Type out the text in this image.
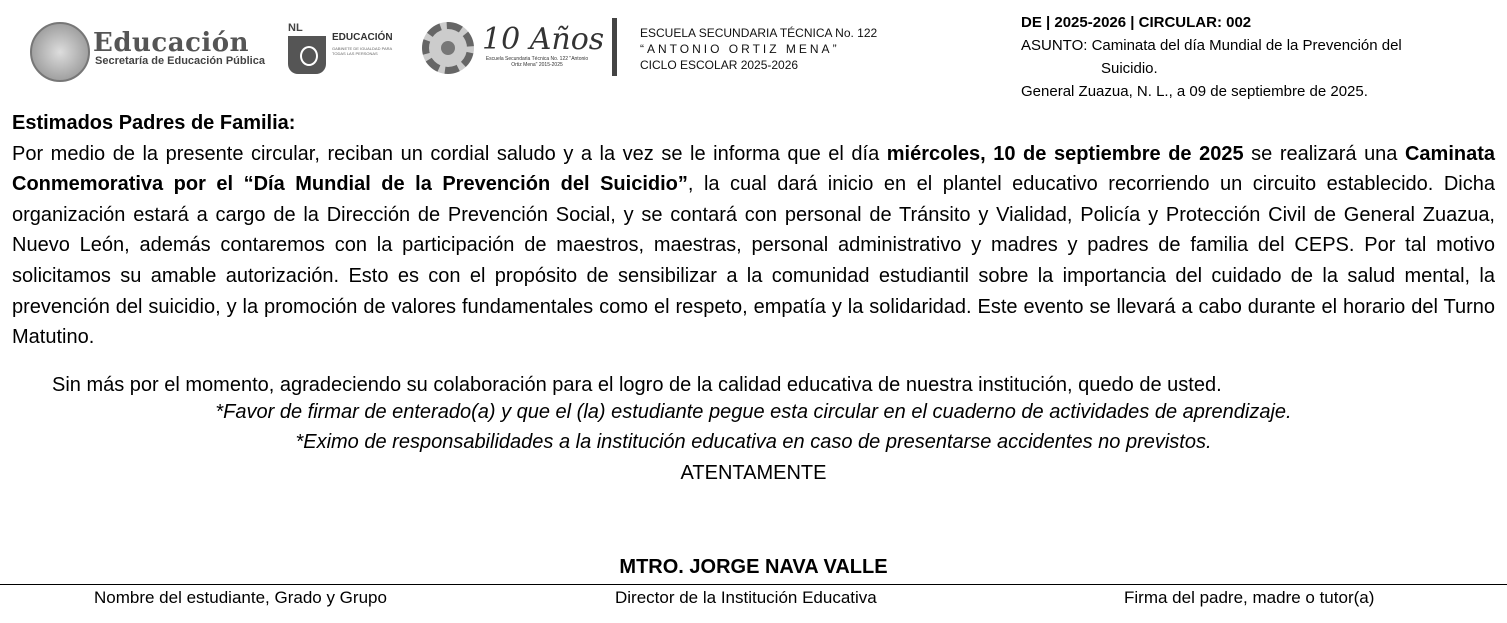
Educación
Secretaría de Educación Pública
NL
EDUCACIÓN
GABINETE DE IGUALDAD PARA TODAS LAS PERSONAS	10 Años
Escuela Secundaria Técnica No. 122 "Antonio Ortiz Mena" 2015-2025
ESCUELA SECUNDARIA TÉCNICA No. 122
“ANTONIO ORTIZ MENA”
CICLO ESCOLAR 2025-2026
DE | 2025-2026 | CIRCULAR: 002
ASUNTO: Caminata del día Mundial de la Prevención del
Suicidio.
General Zuazua, N. L., a 09 de septiembre de 2025.
Estimados Padres de Familia:
Por medio de la presente circular, reciban un cordial saludo y a la vez se le informa que el día miércoles, 10 de septiembre de 2025 se realizará una Caminata Conmemorativa por el “Día Mundial de la Prevención del Suicidio”, la cual dará inicio en el plantel educativo recorriendo un circuito establecido. Dicha organización estará a cargo de la Dirección de Prevención Social, y se contará con personal de Tránsito y Vialidad, Policía y Protección Civil de General Zuazua, Nuevo León, además contaremos con la participación de maestros, maestras, personal administrativo y madres y padres de familia del CEPS. Por tal motivo solicitamos su amable autorización. Esto es con el propósito de sensibilizar a la comunidad estudiantil sobre la importancia del cuidado de la salud mental, la prevención del suicidio, y la promoción de valores fundamentales como el respeto, empatía y la solidaridad. Este evento se llevará a cabo durante el horario del Turno Matutino.
Sin más por el momento, agradeciendo su colaboración para el logro de la calidad educativa de nuestra institución, quedo de usted.
*Favor de firmar de enterado(a) y que el (la) estudiante pegue esta circular en el cuaderno de actividades de aprendizaje.
*Eximo de responsabilidades a la institución educativa en caso de presentarse accidentes no previstos.
ATENTAMENTE
MTRO. JORGE NAVA VALLE
Nombre del estudiante, Grado y Grupo	Director de la Institución Educativa	Firma del padre, madre o tutor(a)
